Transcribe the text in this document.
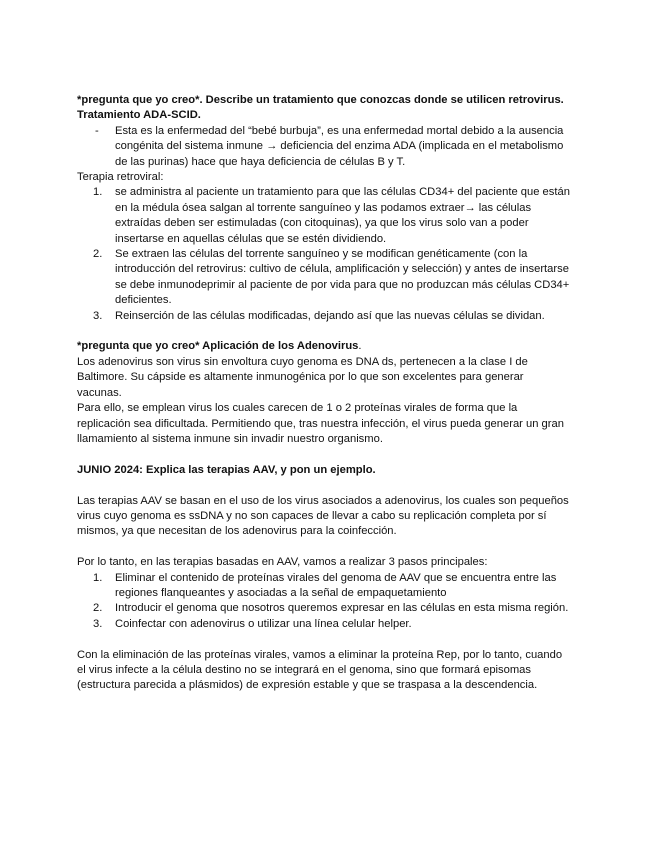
*pregunta que yo creo*. Describe un tratamiento que conozcas donde se utilicen retrovirus.

Tratamiento ADA-SCID.

- Esta es la enfermedad del “bebé burbuja”, es una enfermedad mortal debido a la ausencia congénita del sistema inmune → deficiencia del enzima ADA (implicada en el metabolismo de las purinas) hace que haya deficiencia de células B y T.

Terapia retroviral:

1. se administra al paciente un tratamiento para que las células CD34+ del paciente que están en la médula ósea salgan al torrente sanguíneo y las podamos extraer→ las células extraídas deben ser estimuladas (con citoquinas), ya que los virus solo van a poder insertarse en aquellas células que se estén dividiendo.
2. Se extraen las células del torrente sanguíneo y se modifican genéticamente (con la introducción del retrovirus: cultivo de célula, amplificación y selección) y antes de insertarse se debe inmunodeprimir al paciente de por vida para que no produzcan más células CD34+ deficientes.
3. Reinserción de las células modificadas, dejando así que las nuevas células se dividan.

*pregunta que yo creo* Aplicación de los Adenovirus.

Los adenovirus son virus sin envoltura cuyo genoma es DNA ds, pertenecen a la clase I de Baltimore. Su cápside es altamente inmunogénica por lo que son excelentes para generar vacunas.

Para ello, se emplean virus los cuales carecen de 1 o 2 proteínas virales de forma que la replicación sea dificultada. Permitiendo que, tras nuestra infección, el virus pueda generar un gran llamamiento al sistema inmune sin invadir nuestro organismo.

JUNIO 2024: Explica las terapias AAV, y pon un ejemplo.

Las terapias AAV se basan en el uso de los virus asociados a adenovirus, los cuales son pequeños virus cuyo genoma es ssDNA y no son capaces de llevar a cabo su replicación completa por sí mismos, ya que necesitan de los adenovirus para la coinfección.

Por lo tanto, en las terapias basadas en AAV, vamos a realizar 3 pasos principales:

1. Eliminar el contenido de proteínas virales del genoma de AAV que se encuentra entre las regiones flanqueantes y asociadas a la señal de empaquetamiento
2. Introducir el genoma que nosotros queremos expresar en las células en esta misma región.
3. Coinfectar con adenovirus o utilizar una línea celular helper.

Con la eliminación de las proteínas virales, vamos a eliminar la proteína Rep, por lo tanto, cuando el virus infecte a la célula destino no se integrará en el genoma, sino que formará episomas (estructura parecida a plásmidos) de expresión estable y que se traspasa a la descendencia.
